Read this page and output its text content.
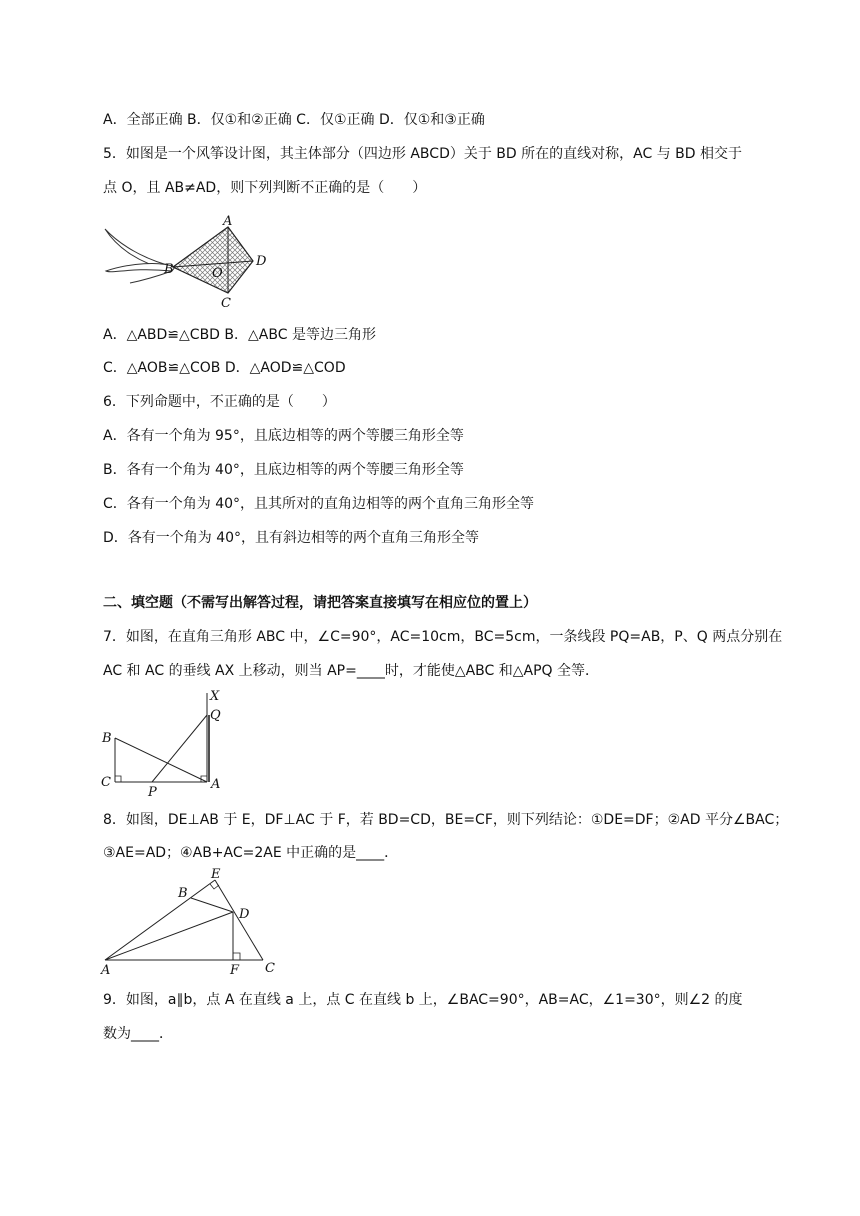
A．全部正确 B．仅①和②正确 C．仅①正确 D．仅①和③正确
5．如图是一个风筝设计图，其主体部分（四边形 ABCD）关于 BD 所在的直线对称，AC 与 BD 相交于
点 O，且 AB≠AD，则下列判断不正确的是（　　）
A
B
C
D
O
A．△ABD≌△CBD B．△ABC 是等边三角形
C．△AOB≌△COB D．△AOD≌△COD
6．下列命题中，不正确的是（　　）
A．各有一个角为 95°，且底边相等的两个等腰三角形全等
B．各有一个角为 40°，且底边相等的两个等腰三角形全等
C．各有一个角为 40°，且其所对的直角边相等的两个直角三角形全等
D．各有一个角为 40°，且有斜边相等的两个直角三角形全等
二、填空题（不需写出解答过程，请把答案直接填写在相应位的置上）
7．如图，在直角三角形 ABC 中，∠C=90°，AC=10cm，BC=5cm，一条线段 PQ=AB，P、Q 两点分别在
AC 和 AC 的垂线 AX 上移动，则当 AP=____时，才能使△ABC 和△APQ 全等．
X
Q
B
C	A
P
8．如图，DE⊥AB 于 E，DF⊥AC 于 F，若 BD=CD，BE=CF，则下列结论：①DE=DF；②AD 平分∠BAC；
③AE=AD；④AB+AC=2AE 中正确的是____．
E
B
D
A	F C
9．如图，a∥b，点 A 在直线 a 上，点 C 在直线 b 上，∠BAC=90°，AB=AC，∠1=30°，则∠2 的度
数为____．
